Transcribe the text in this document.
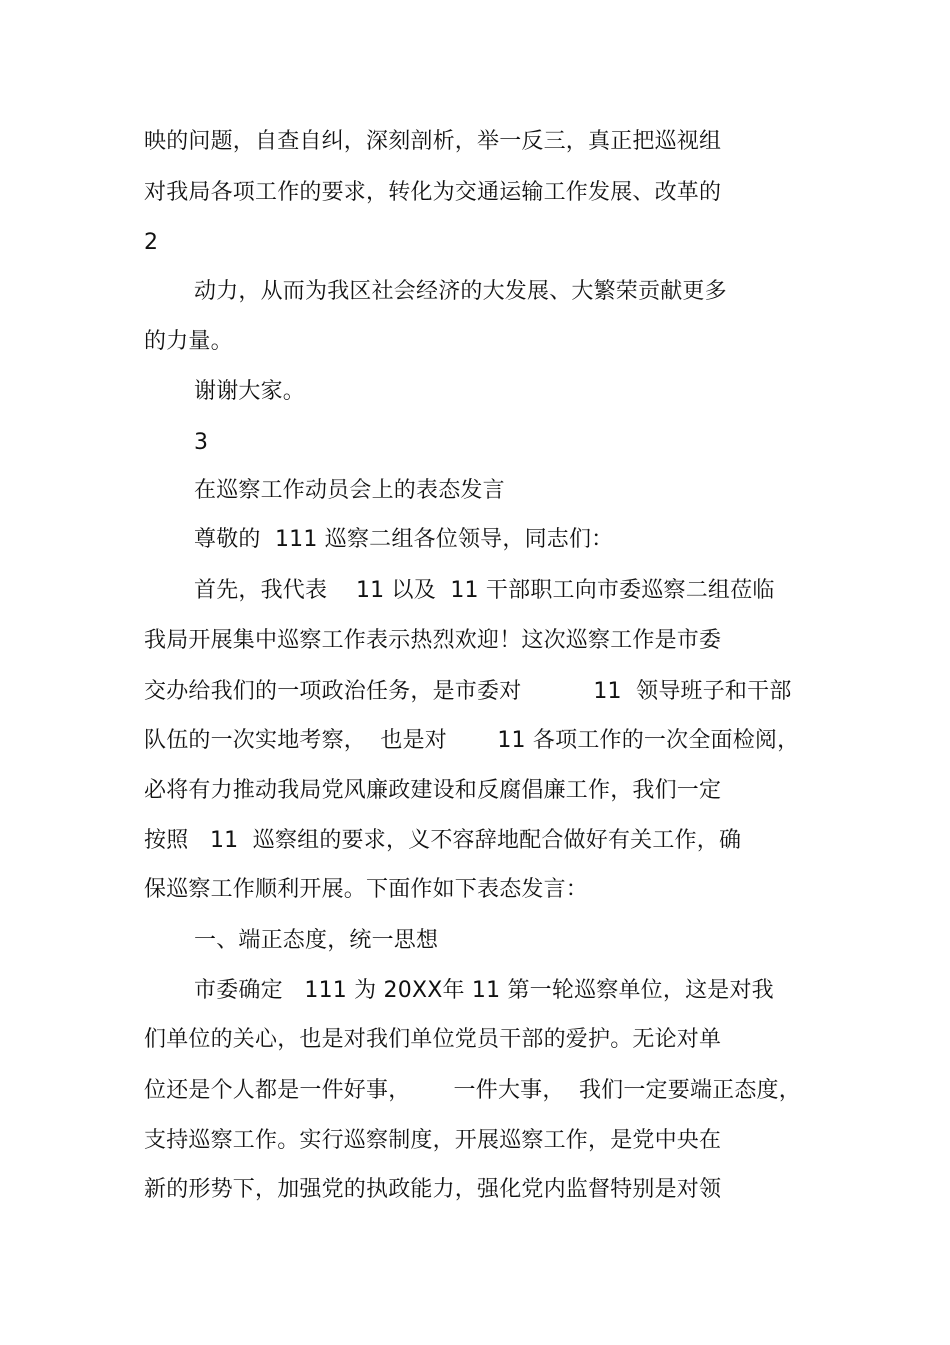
映的问题，自查自纠，深刻剖析，举一反三，真正把巡视组
对我局各项工作的要求，转化为交通运输工作发展、改革的
2
动力，从而为我区社会经济的大发展、大繁荣贡献更多
的力量。
谢谢大家。
3
在巡察工作动员会上的表态发言
尊敬的  111 巡察二组各位领导，同志们：
首先，我代表    11 以及  11 干部职工向市委巡察二组莅临
我局开展集中巡察工作表示热烈欢迎！这次巡察工作是市委
交办给我们的一项政治任务，是市委对          11  领导班子和干部
队伍的一次实地考察，  也是对       11 各项工作的一次全面检阅，
必将有力推动我局党风廉政建设和反腐倡廉工作，我们一定
按照   11  巡察组的要求，义不容辞地配合做好有关工作，确
保巡察工作顺利开展。下面作如下表态发言：
一、端正态度，统一思想
市委确定   111 为 20XX年 11 第一轮巡察单位，这是对我
们单位的关心，也是对我们单位党员干部的爱护。无论对单
位还是个人都是一件好事，      一件大事，  我们一定要端正态度，
支持巡察工作。实行巡察制度，开展巡察工作，是党中央在
新的形势下，加强党的执政能力，强化党内监督特别是对领
